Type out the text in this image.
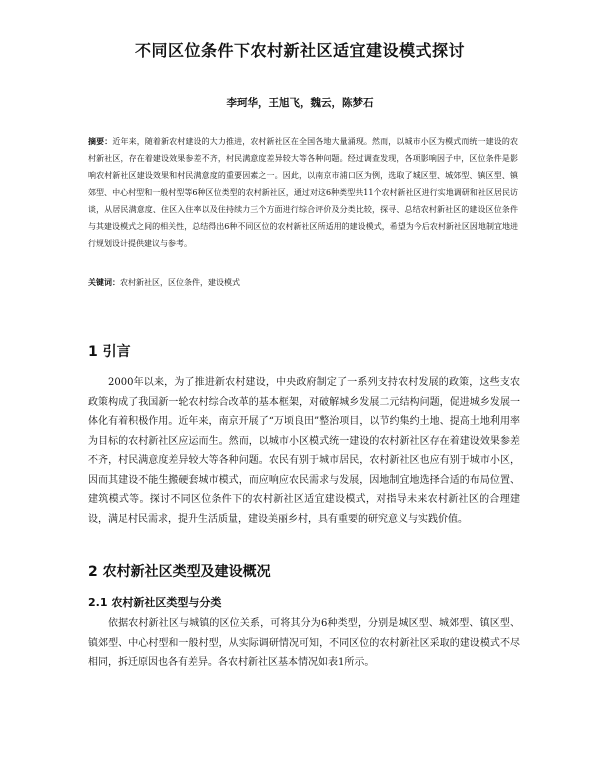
不同区位条件下农村新社区适宜建设模式探讨
李珂华，王旭飞，魏云，陈梦石
摘要：近年来，随着新农村建设的大力推进，农村新社区在全国各地大量涌现。然而，以城市小区为模式而统一建设的农村新社区，存在着建设效果参差不齐，村民满意度差异较大等各种问题。经过调查发现，各项影响因子中，区位条件是影响农村新社区建设效果和村民满意度的重要因素之一。因此，以南京市浦口区为例，选取了城区型、城郊型、镇区型、镇郊型、中心村型和一般村型等6种区位类型的农村新社区，通过对这6种类型共11个农村新社区进行实地调研和社区居民访谈，从居民满意度、住区入住率以及住持续力三个方面进行综合评价及分类比较，探寻、总结农村新社区的建设区位条件与其建设模式之间的相关性，总结得出6种不同区位的农村新社区所适用的建设模式，希望为今后农村新社区因地制宜地进行规划设计提供建议与参考。
关键词：农村新社区，区位条件，建设模式
1 引言

2000年以来，为了推进新农村建设，中央政府制定了一系列支持农村发展的政策，这些支农政策构成了我国新一轮农村综合改革的基本框架，对破解城乡发展二元结构问题，促进城乡发展一体化有着积极作用。近年来，南京开展了“万顷良田”整治项目，以节约集约土地、提高土地利用率为目标的农村新社区应运而生。然而，以城市小区模式统一建设的农村新社区存在着建设效果参差不齐，村民满意度差异较大等各种问题。农民有别于城市居民，农村新社区也应有别于城市小区，因而其建设不能生搬硬套城市模式，而应响应农民需求与发展，因地制宜地选择合适的布局位置、建筑模式等。探讨不同区位条件下的农村新社区适宜建设模式，对指导未来农村新社区的合理建设，满足村民需求，提升生活质量，建设美丽乡村，具有重要的研究意义与实践价值。

2 农村新社区类型及建设概况
2.1 农村新社区类型与分类

依据农村新社区与城镇的区位关系，可将其分为6种类型，分别是城区型、城郊型、镇区型、镇郊型、中心村型和一般村型，从实际调研情况可知，不同区位的农村新社区采取的建设模式不尽相同，拆迁原因也各有差异。各农村新社区基本情况如表1所示。
